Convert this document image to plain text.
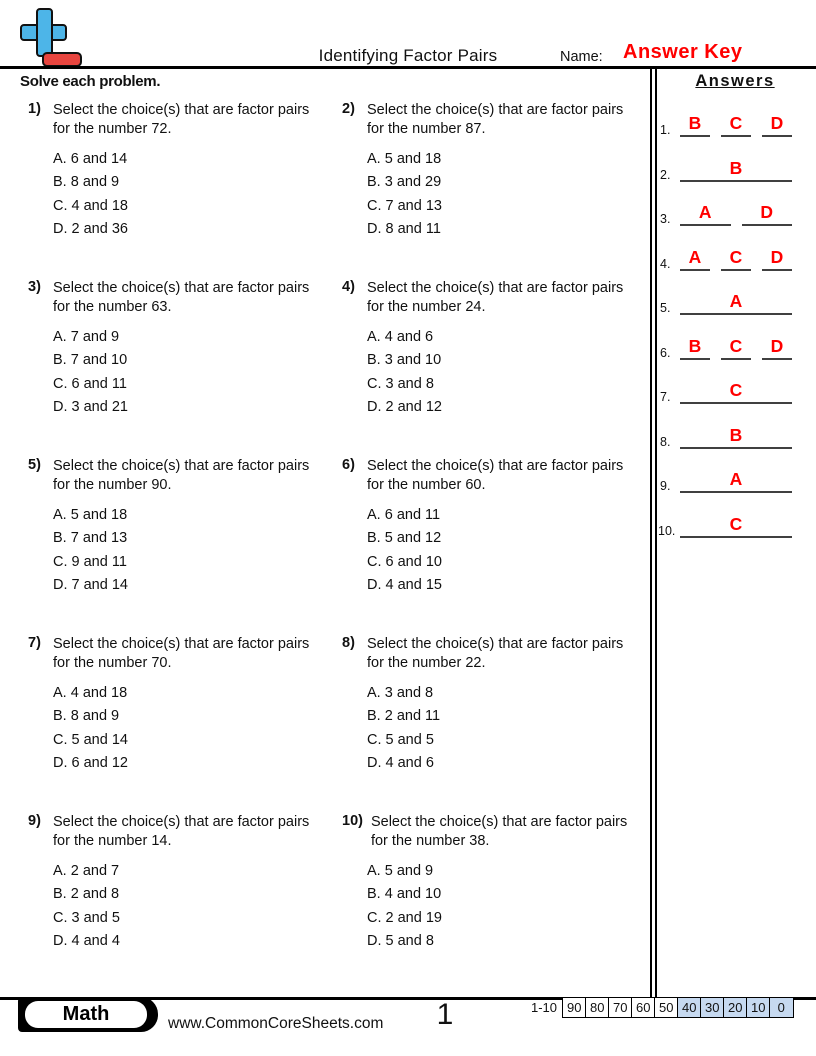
Identifying Factor Pairs	Name: Answer Key
Solve each problem.
1) Select the choice(s) that are factor pairs for the number 72.
A. 6 and 14
B. 8 and 9
C. 4 and 18
D. 2 and 36
2) Select the choice(s) that are factor pairs for the number 87.
A. 5 and 18
B. 3 and 29
C. 7 and 13
D. 8 and 11
3) Select the choice(s) that are factor pairs for the number 63.
A. 7 and 9
B. 7 and 10
C. 6 and 11
D. 3 and 21
4) Select the choice(s) that are factor pairs for the number 24.
A. 4 and 6
B. 3 and 10
C. 3 and 8
D. 2 and 12
5) Select the choice(s) that are factor pairs for the number 90.
A. 5 and 18
B. 7 and 13
C. 9 and 11
D. 7 and 14
6) Select the choice(s) that are factor pairs for the number 60.
A. 6 and 11
B. 5 and 12
C. 6 and 10
D. 4 and 15
7) Select the choice(s) that are factor pairs for the number 70.
A. 4 and 18
B. 8 and 9
C. 5 and 14
D. 6 and 12
8) Select the choice(s) that are factor pairs for the number 22.
A. 3 and 8
B. 2 and 11
C. 5 and 5
D. 4 and 6
9) Select the choice(s) that are factor pairs for the number 14.
A. 2 and 7
B. 2 and 8
C. 3 and 5
D. 4 and 4
10) Select the choice(s) that are factor pairs for the number 38.
A. 5 and 9
B. 4 and 10
C. 2 and 19
D. 5 and 8
Answers
1.	B	C	D
2.	B
3.	A	D
4.	A	C	D
5.	A
6.	B	C	D
7.	C
8.	B
9.	A
10.	C
Math	www.CommonCoreSheets.com 1	1-10 90 80 70 60 50 40 30 20 10 0
